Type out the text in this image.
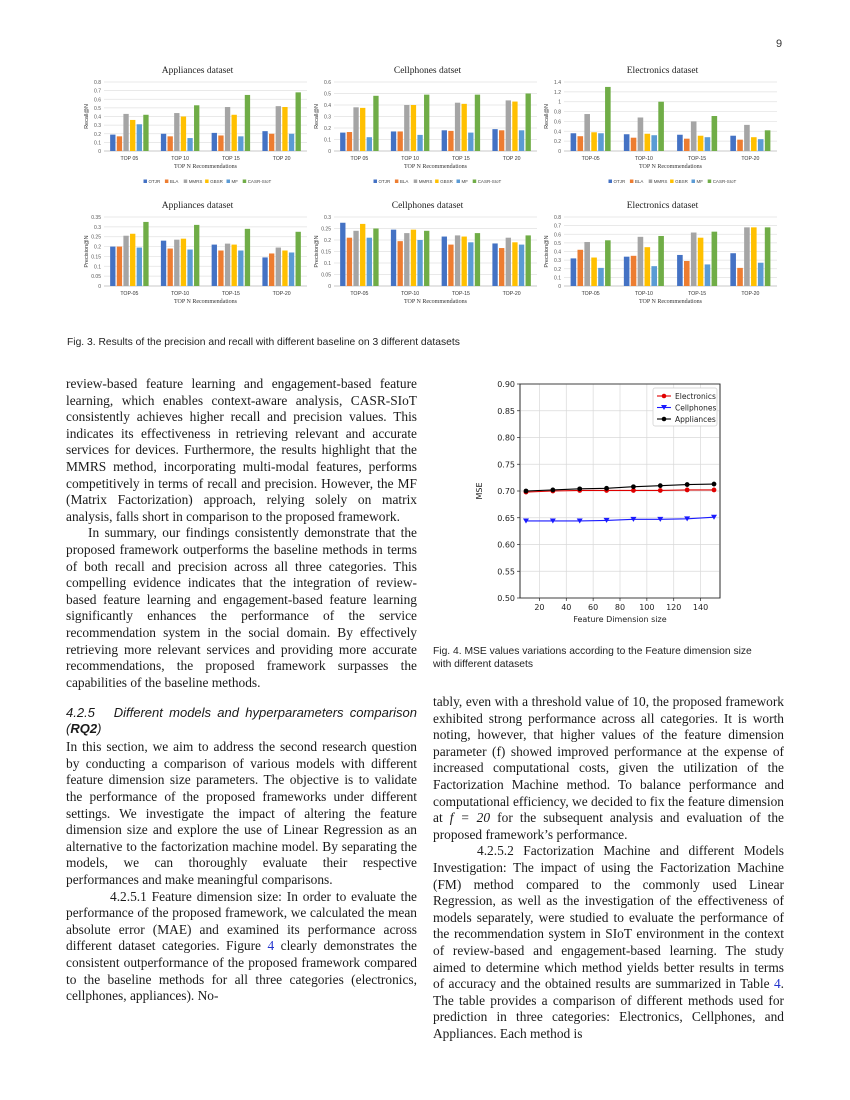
9
Appliances dataset
0
0.1
0.2
0.3
0.4
0.5
0.6
0.7
0.8
Recall@N
TOP 05	TOP 10	TOP 15	TOP 20
TOP N Recommendations
OTJR BLA MMRS GBSR MF CASR-SIoT
Cellphones datset
0
0.1
0.2
0.3
0.4
0.5
0.6
Recall@N
TOP 05	TOP 10	TOP 15	TOP 20
TOP N Recommendations
OTJR BLA MMRS GBSR MF CASR-SIoT
Electronics dataset
0
0.2
0.4
0.6
0.8
1
1.2
1.4
Recall@N
TOP-05	TOP-10	TOP-15	TOP-20
TOP N Recommendations
OTJR BLA MMRS GBSR MF CASR-SIoT
Appliances dataset
0
0.05
0.1
0.15
0.2
0.25
0.3
0.35
Precision@N
TOP-05	TOP-10	TOP-15	TOP-20
TOP N Recommendations
Cellphones dataset
0
0.05
0.1
0.15
0.2
0.25
0.3
Precision@N
TOP-05	TOP-10	TOP-15	TOP-20
TOP N Recommendations
Electronics dataset
0
0.1
0.2
0.3
0.4
0.5
0.6
0.7
0.8
Precision@N
TOP-05	TOP-10	TOP-15	TOP-20
TOP N Recommendations
Fig. 3. Results of the precision and recall with different baseline on 3 different datasets
0.50
0.55
0.60
0.65
0.70
0.75
0.80
0.85
0.90
20 40 60 80 100 120 140
Feature Dimension size
MSE
Electronics
Cellphones
Appliances
Fig. 4. MSE values variations according to the Feature dimension size
with different datasets

review-based feature learning and engagement-based feature learning, which enables context-aware analysis, CASR-SIoT consistently achieves higher recall and precision values. This indicates its effectiveness in retrieving relevant and accurate services for devices. Furthermore, the results highlight that the MMRS method, incorporating multi-modal features, performs competitively in terms of recall and precision. However, the MF (Matrix Factorization) approach, relying solely on matrix analysis, falls short in comparison to the proposed framework.

In summary, our findings consistently demonstrate that the proposed framework outperforms the baseline methods in terms of both recall and precision across all three categories. This compelling evidence indicates that the integration of review-based feature learning and engagement-based feature learning significantly enhances the performance of the service recommendation system in the social domain. By effectively retrieving more relevant services and providing more accurate recommendations, the proposed framework surpasses the capabilities of the baseline methods.

4.2.5 Different models and hyperparameters comparison (RQ2)

In this section, we aim to address the second research question by conducting a comparison of various models with different feature dimension size parameters. The objective is to validate the performance of the proposed frameworks under different settings. We investigate the impact of altering the feature dimension size and explore the use of Linear Regression as an alternative to the factorization machine model. By separating the models, we can thoroughly evaluate their respective performances and make meaningful comparisons.

4.2.5.1 Feature dimension size: In order to evaluate the performance of the proposed framework, we calculated the mean absolute error (MAE) and examined its performance across different dataset categories. Figure 4 clearly demonstrates the consistent outperformance of the proposed framework compared to the baseline methods for all three categories (electronics, cellphones, appliances). No-

tably, even with a threshold value of 10, the proposed framework exhibited strong performance across all categories. It is worth noting, however, that higher values of the feature dimension parameter (f) showed improved performance at the expense of increased computational costs, given the utilization of the Factorization Machine method. To balance performance and computational efficiency, we decided to fix the feature dimension at f = 20 for the subsequent analysis and evaluation of the proposed framework’s performance.

4.2.5.2 Factorization Machine and different Models Investigation: The impact of using the Factorization Machine (FM) method compared to the commonly used Linear Regression, as well as the investigation of the effectiveness of models separately, were studied to evaluate the performance of the recommendation system in SIoT environment in the context of review-based and engagement-based learning. The study aimed to determine which method yields better results in terms of accuracy and the obtained results are summarized in Table 4. The table provides a comparison of different methods used for prediction in three categories: Electronics, Cellphones, and Appliances. Each method is
